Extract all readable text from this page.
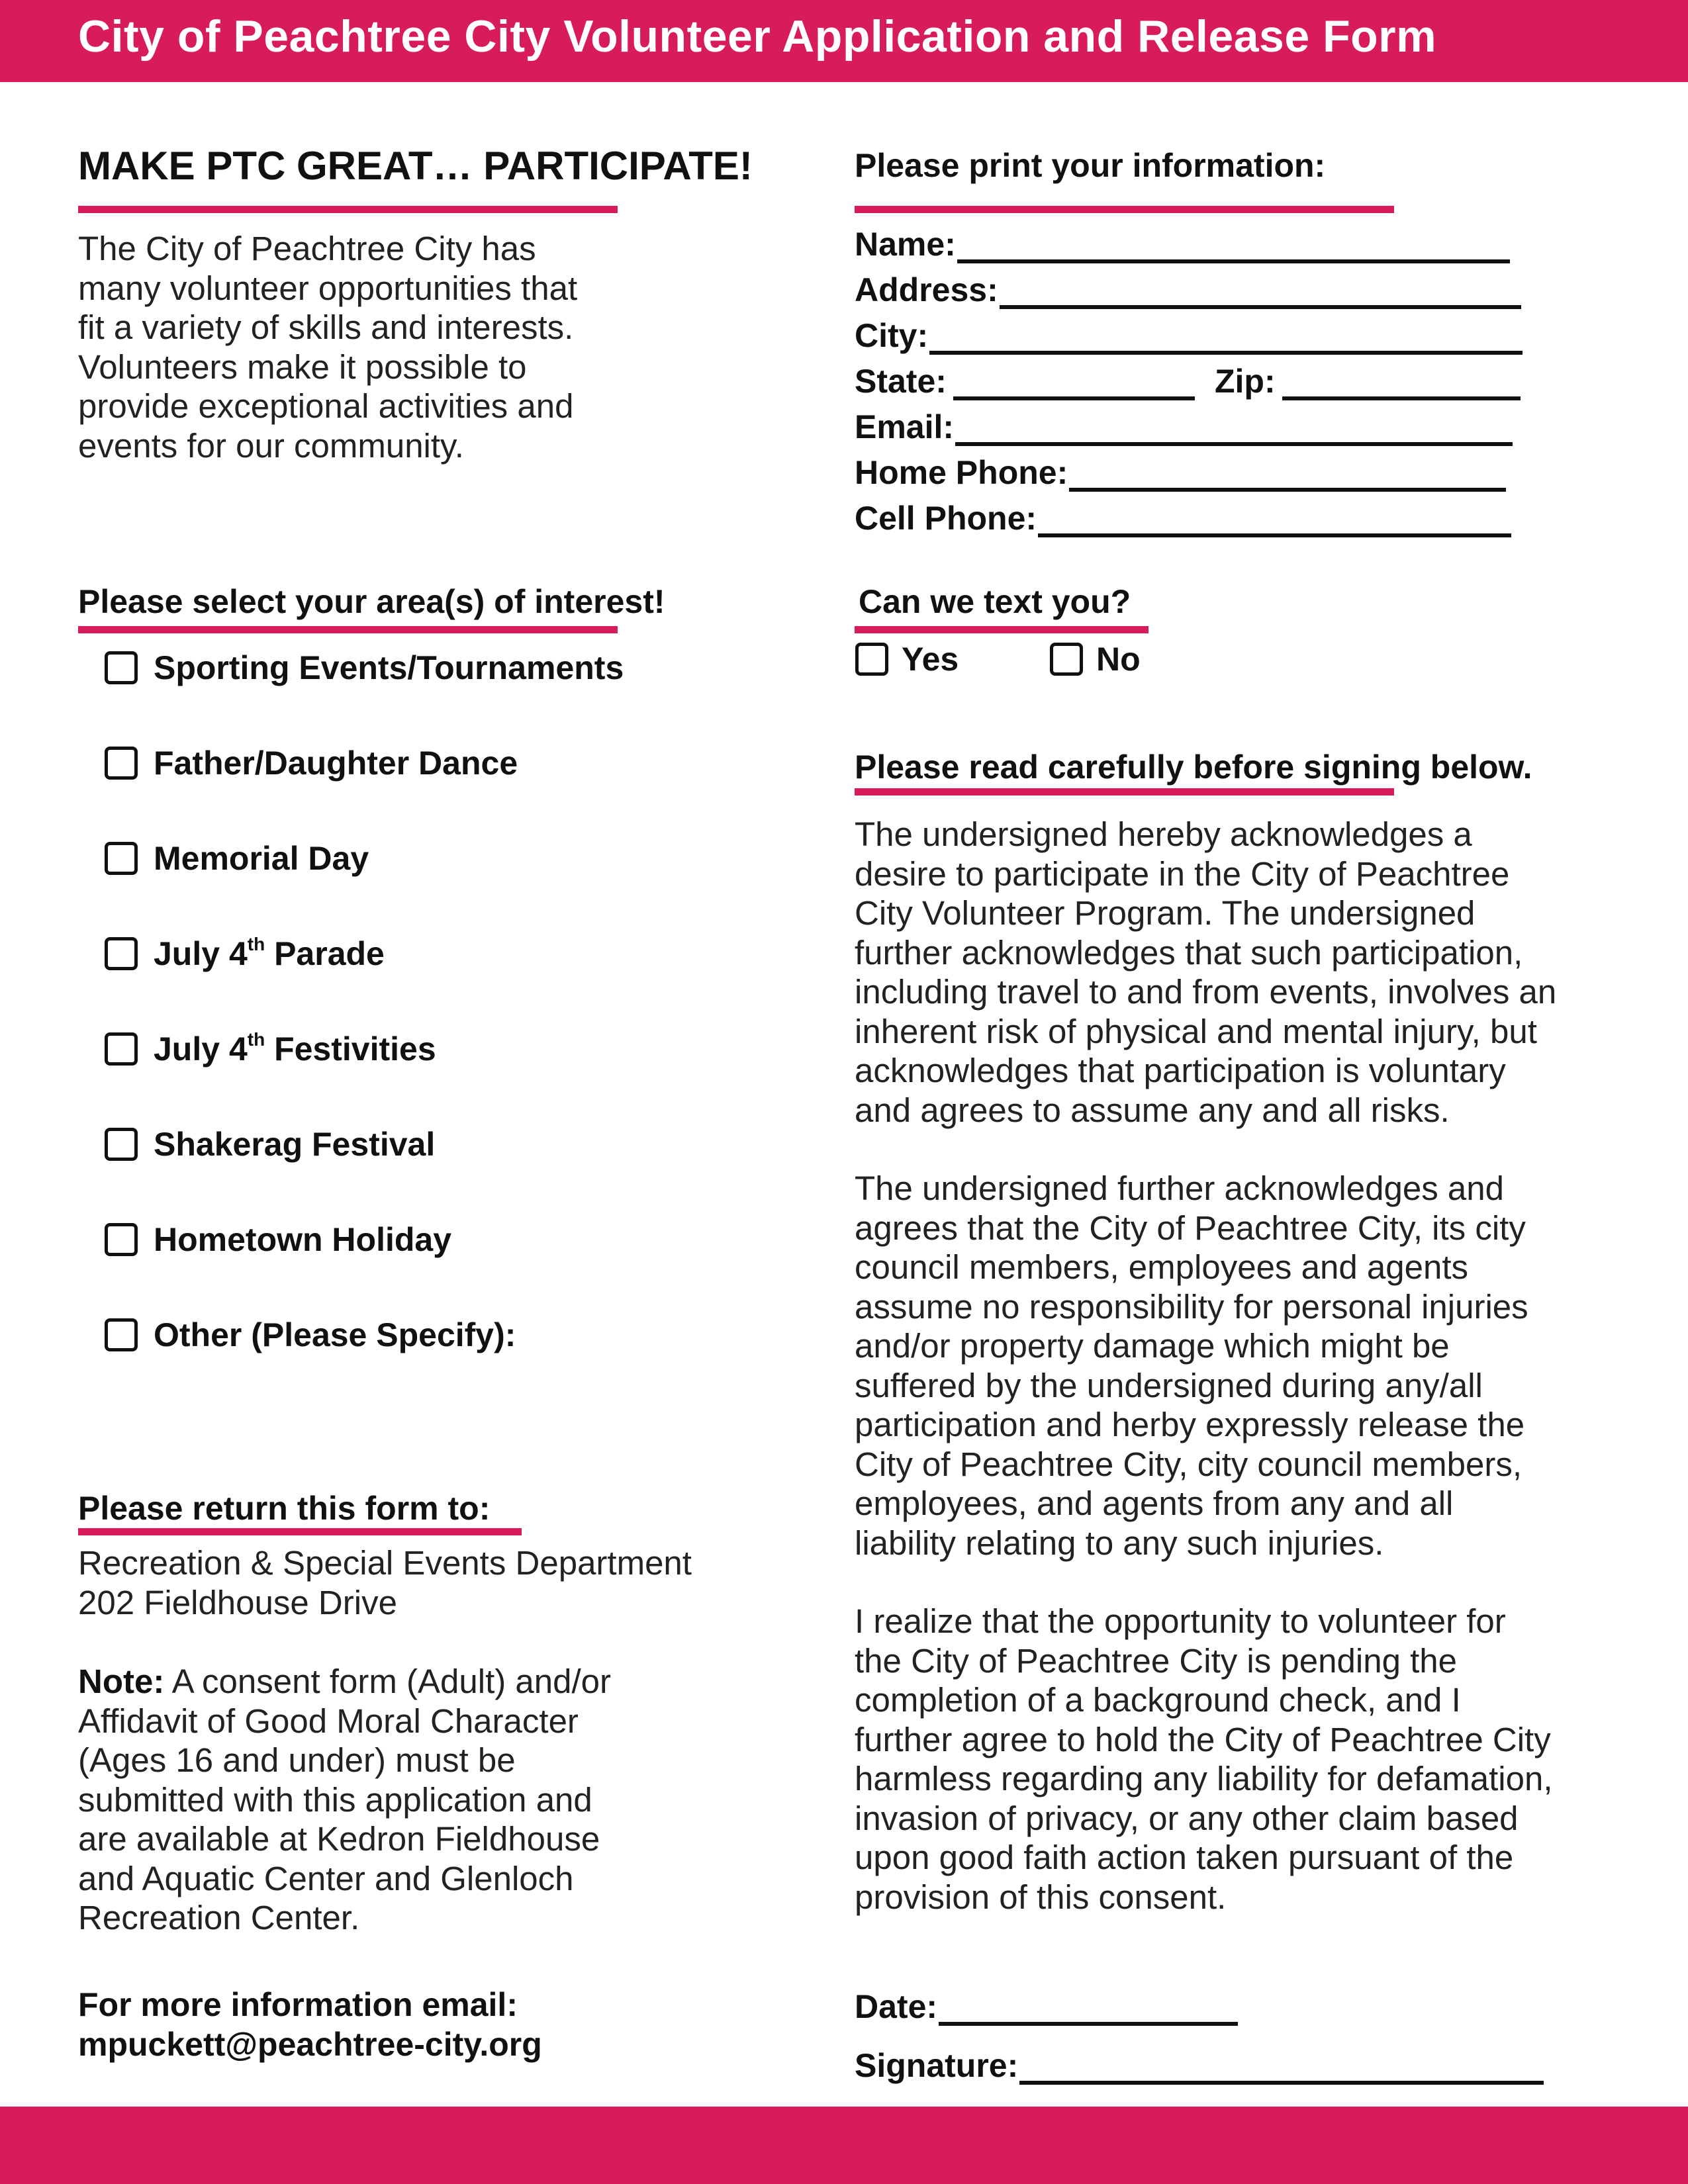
City of Peachtree City Volunteer Application and Release Form
MAKE PTC GREAT… PARTICIPATE!
The City of Peachtree City has
many volunteer opportunities that
fit a variety of skills and interests.
Volunteers make it possible to
provide exceptional activities and
events for our community.
Please select your area(s) of interest!
Sporting Events/Tournaments
Father/Daughter Dance
Memorial Day
July 4th Parade
July 4th Festivities
Shakerag Festival
Hometown Holiday
Other (Please Specify):
Please return this form to:
Recreation & Special Events Department
202 Fieldhouse Drive
Note: A consent form (Adult) and/or
Affidavit of Good Moral Character
(Ages 16 and under) must be
submitted with this application and
are available at Kedron Fieldhouse
and Aquatic Center and Glenloch
Recreation Center.
For more information email:
mpuckett@peachtree-city.org
Please print your information:
Name:
Address:
City:
State:	Zip:
Email:
Home Phone:
Cell Phone:
Can we text you?
Yes	No
Please read carefully before signing below.
The undersigned hereby acknowledges a
desire to participate in the City of Peachtree
City Volunteer Program. The undersigned
further acknowledges that such participation,
including travel to and from events, involves an
inherent risk of physical and mental injury, but
acknowledges that participation is voluntary
and agrees to assume any and all risks.
The undersigned further acknowledges and
agrees that the City of Peachtree City, its city
council members, employees and agents
assume no responsibility for personal injuries
and/or property damage which might be
suffered by the undersigned during any/all
participation and herby expressly release the
City of Peachtree City, city council members,
employees, and agents from any and all
liability relating to any such injuries.
I realize that the opportunity to volunteer for
the City of Peachtree City is pending the
completion of a background check, and I
further agree to hold the City of Peachtree City
harmless regarding any liability for defamation,
invasion of privacy, or any other claim based
upon good faith action taken pursuant of the
provision of this consent.
Date:
Signature:
